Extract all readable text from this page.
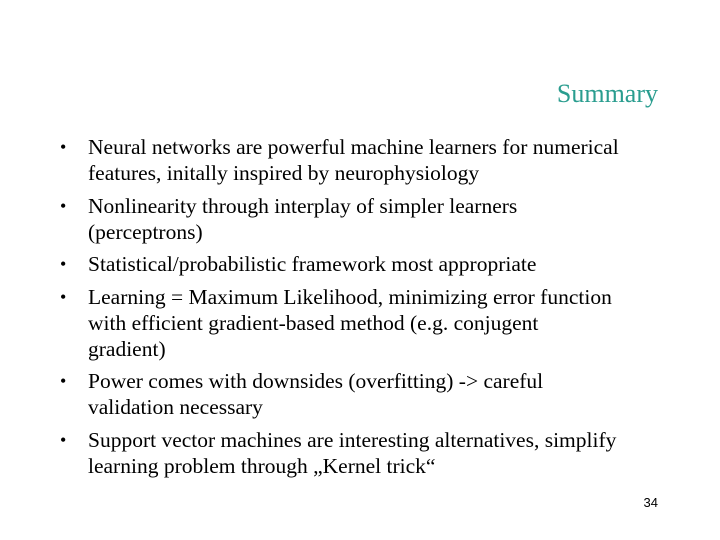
Summary
•	Neural networks are powerful machine learners for numerical features, initally inspired by neurophysiology
•	Nonlinearity through interplay of simpler learners (perceptrons)
•	Statistical/probabilistic framework most appropriate
•	Learning = Maximum Likelihood, minimizing error function with efficient gradient-based method (e.g. conjugent gradient)
•	Power comes with downsides (overfitting) -> careful validation necessary
•	Support vector machines are interesting alternatives, simplify learning problem through „Kernel trick“
34
